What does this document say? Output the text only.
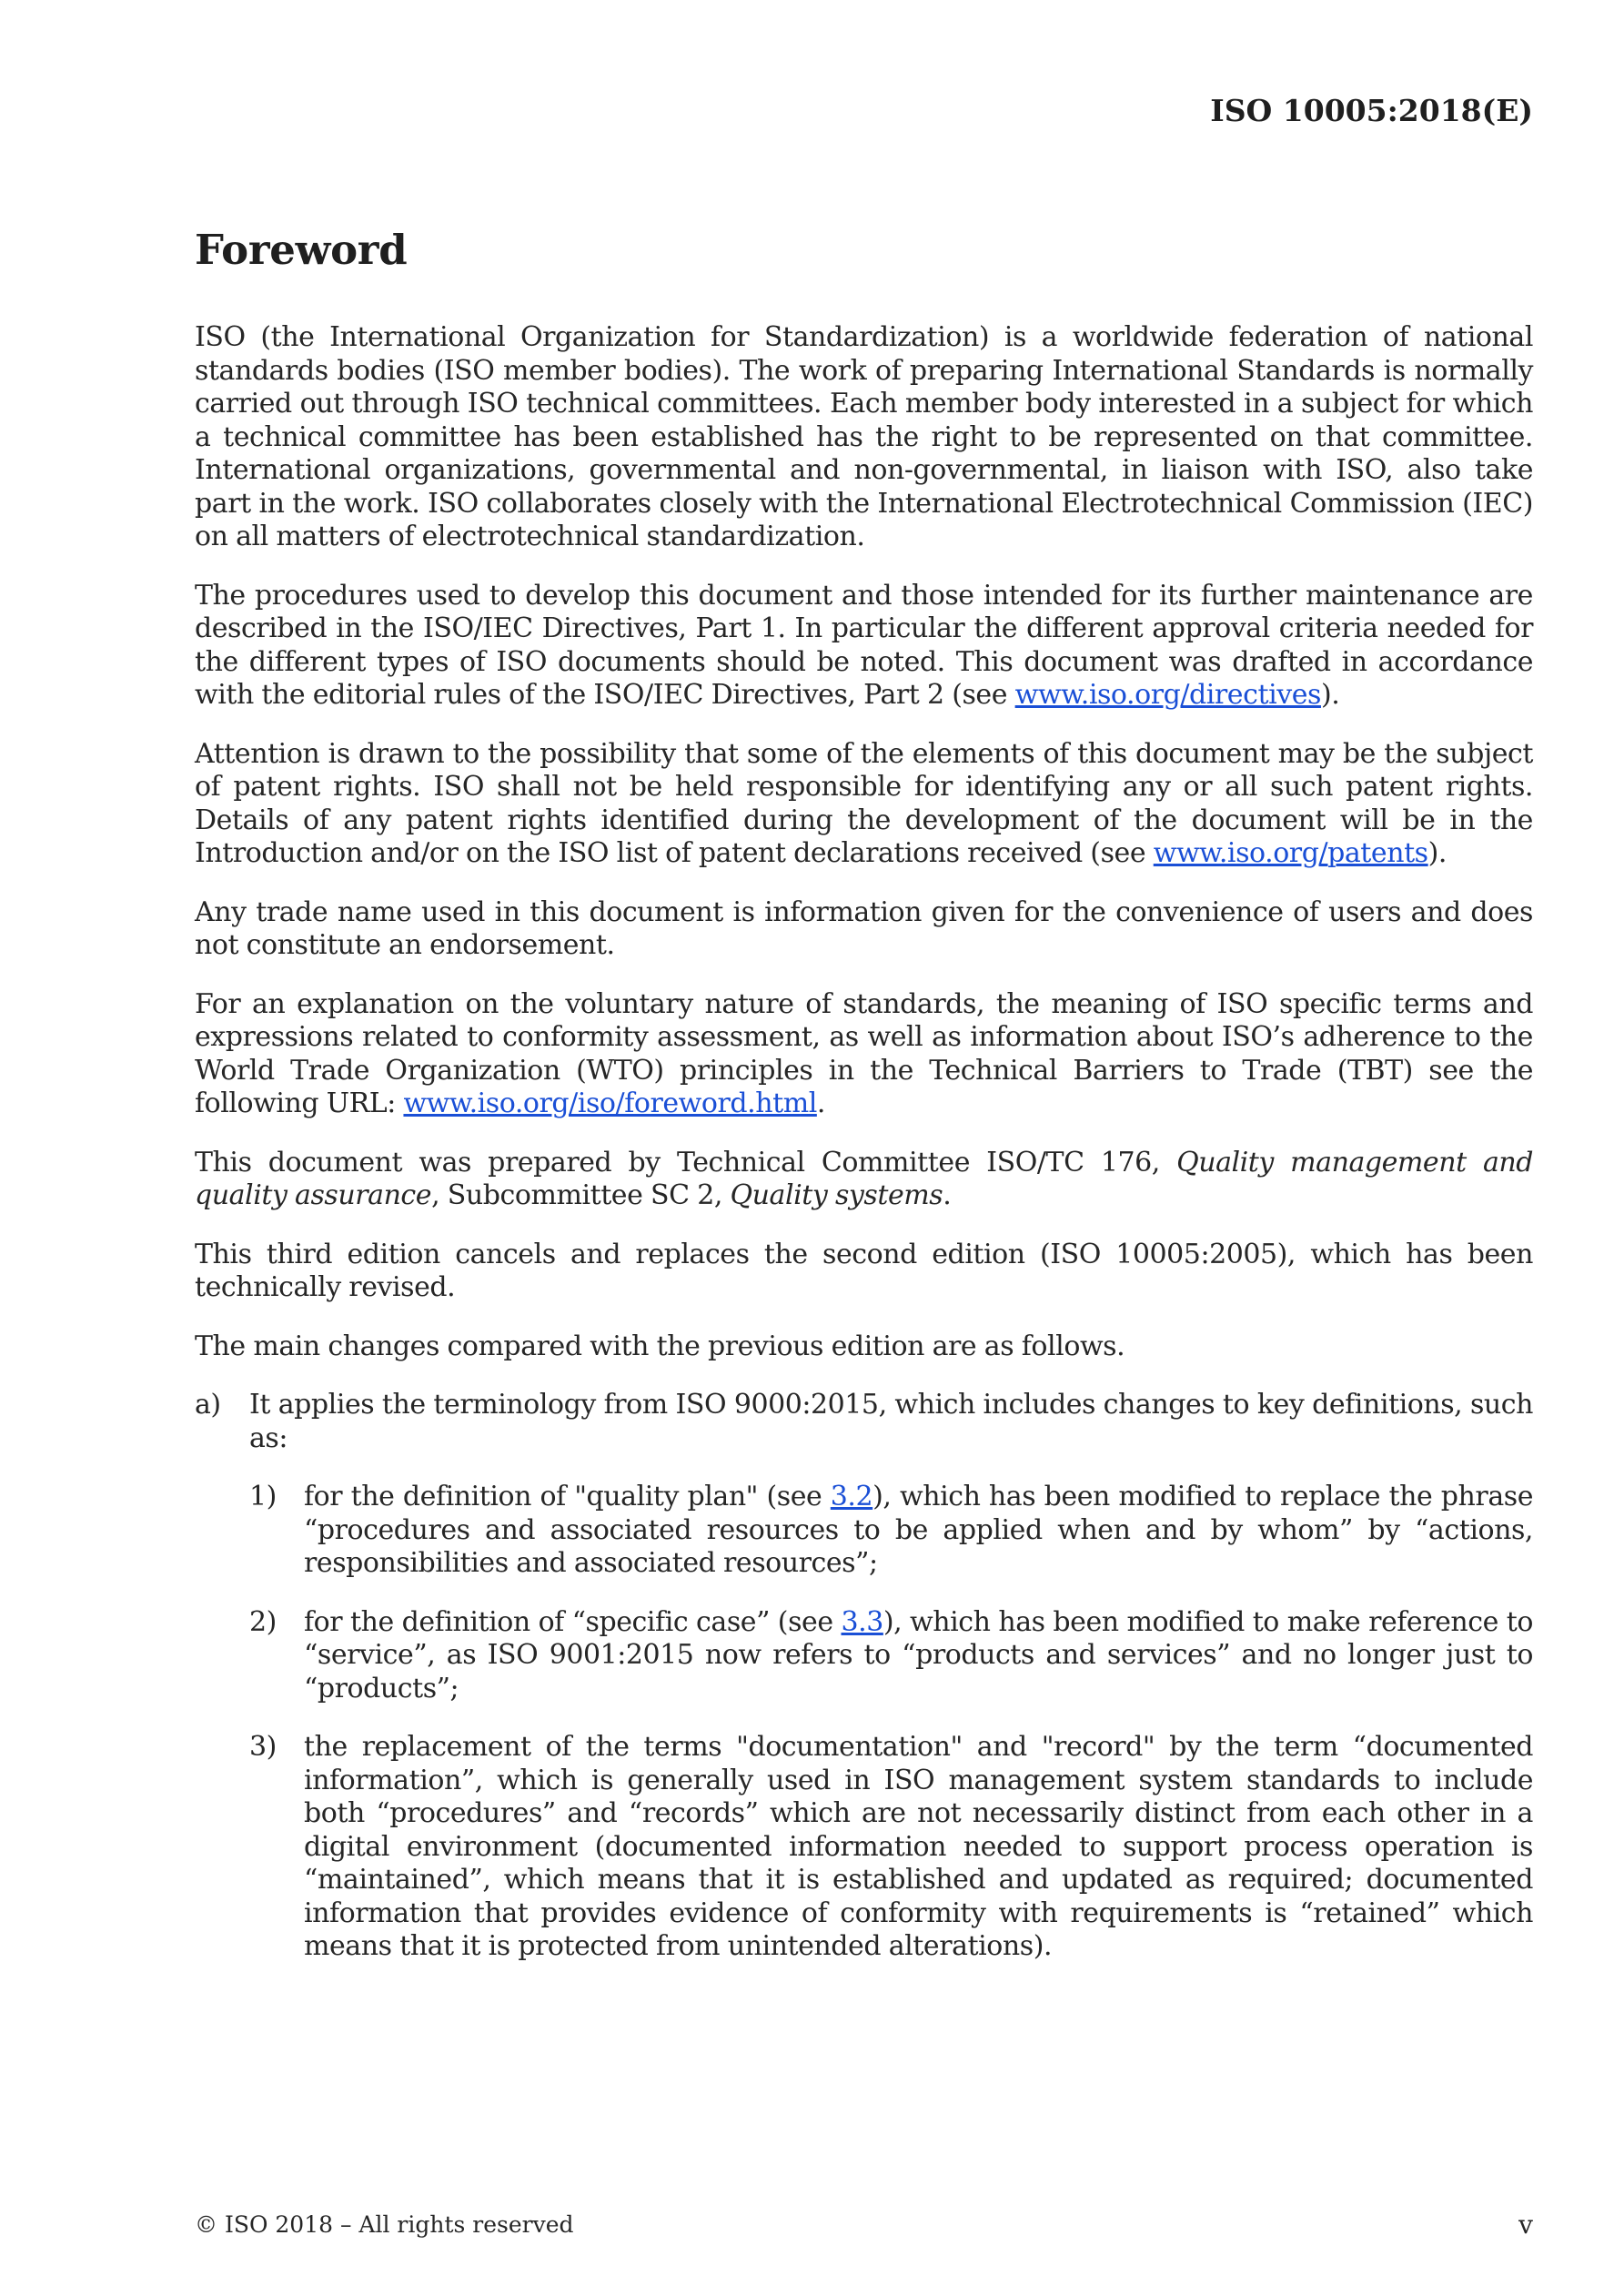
ISO 10005:2018(E)
Foreword

ISO (the International Organization for Standardization) is a worldwide federation of national standards bodies (ISO member bodies). The work of preparing International Standards is normally carried out through ISO technical committees. Each member body interested in a subject for which a technical committee has been established has the right to be represented on that committee. International organizations, governmental and non-governmental, in liaison with ISO, also take part in the work. ISO collaborates closely with the International Electrotechnical Commission (IEC) on all matters of electrotechnical standardization.

The procedures used to develop this document and those intended for its further maintenance are described in the ISO/IEC Directives, Part 1. In particular the different approval criteria needed for the different types of ISO documents should be noted. This document was drafted in accordance with the editorial rules of the ISO/IEC Directives, Part 2 (see www.iso.org/directives).

Attention is drawn to the possibility that some of the elements of this document may be the subject of patent rights. ISO shall not be held responsible for identifying any or all such patent rights. Details of any patent rights identified during the development of the document will be in the Introduction and/or on the ISO list of patent declarations received (see www.iso.org/patents).

Any trade name used in this document is information given for the convenience of users and does not constitute an endorsement.

For an explanation on the voluntary nature of standards, the meaning of ISO specific terms and expressions related to conformity assessment, as well as information about ISO’s adherence to the World Trade Organization (WTO) principles in the Technical Barriers to Trade (TBT) see the following URL: www.iso.org/iso/foreword.html.

This document was prepared by Technical Committee ISO/TC 176, Quality management and quality assurance, Subcommittee SC 2, Quality systems.

This third edition cancels and replaces the second edition (ISO 10005:2005), which has been technically revised.

The main changes compared with the previous edition are as follows.

a)	It applies the terminology from ISO 9000:2015, which includes changes to key definitions, such as:
1)	for the definition of "quality plan" (see 3.2), which has been modified to replace the phrase “procedures and associated resources to be applied when and by whom” by “actions, responsibilities and associated resources”;
2)	for the definition of “specific case” (see 3.3), which has been modified to make reference to “service”, as ISO 9001:2015 now refers to “products and services” and no longer just to “products”;
3)	the replacement of the terms "documentation" and "record" by the term “documented information”, which is generally used in ISO management system standards to include both “procedures” and “records” which are not necessarily distinct from each other in a digital environment (documented information needed to support process operation is “maintained”, which means that it is established and updated as required; documented information that provides evidence of conformity with requirements is “retained” which means that it is protected from unintended alterations).
© ISO 2018 – All rights reserved	v
